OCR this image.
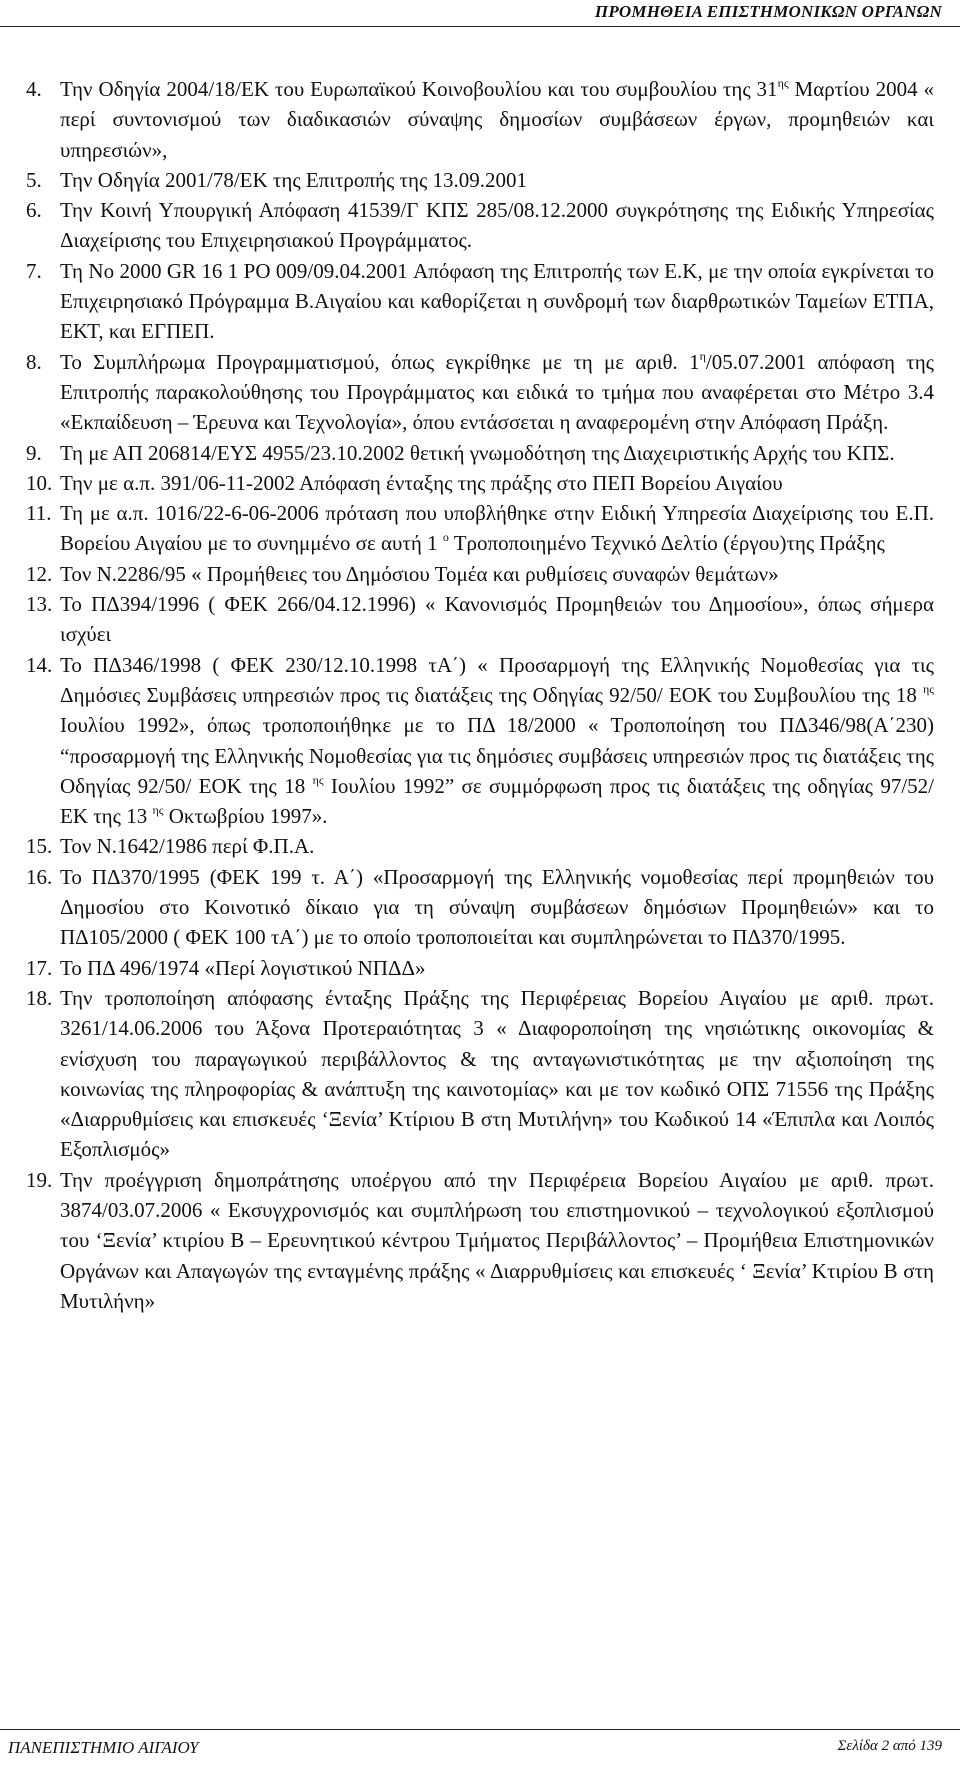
ΠΡΟΜΗΘΕΙΑ ΕΠΙΣΤΗΜΟΝΙΚΩΝ ΟΡΓΑΝΩΝ
4. Την Οδηγία 2004/18/ΕΚ του Ευρωπαϊκού Κοινοβουλίου και του συμβουλίου της $31^{\eta\varsigma}$ Μαρτίου 2004 « περί συντονισμού των διαδικασιών σύναψης δημοσίων συμβάσεων έργων, προμηθειών και υπηρεσιών»,
5. Την Οδηγία 2001/78/ΕΚ της Επιτροπής της 13.09.2001
6. Την Κοινή Υπουργική Απόφαση 41539/Γ ΚΠΣ 285/08.12.2000 συγκρότησης της Ειδικής Υπηρεσίας Διαχείρισης του Επιχειρησιακού Προγράμματος.
7. Τη Νο 2000 GR 16 1 PO 009/09.04.2001 Απόφαση της Επιτροπής των Ε.Κ, με την οποία εγκρίνεται το Επιχειρησιακό Πρόγραμμα Β.Αιγαίου και καθορίζεται η συνδρομή των διαρθρωτικών Ταμείων ΕΤΠΑ, ΕΚΤ, και ΕΓΠΕΠ.
8. Το Συμπλήρωμα Προγραμματισμού, όπως εγκρίθηκε με τη με αριθ. $1^\eta/05.07.2001$ απόφαση της Επιτροπής παρακολούθησης του Προγράμματος και ειδικά το τμήμα που αναφέρεται στο Μέτρο 3.4 «Εκπαίδευση – Έρευνα και Τεχνολογία», όπου εντάσσεται η αναφερομένη στην Απόφαση Πράξη.
9. Τη με ΑΠ 206814/ΕΥΣ 4955/23.10.2002 θετική γνωμοδότηση της Διαχειριστικής Αρχής του ΚΠΣ.
10. Την με α.π. 391/06-11-2002 Απόφαση ένταξης της πράξης στο ΠΕΠ Βορείου Αιγαίου
11. Τη με α.π. 1016/22-6-06-2006 πρόταση που υποβλήθηκε στην Ειδική Υπηρεσία Διαχείρισης του Ε.Π. Βορείου Αιγαίου με το συνημμένο σε αυτή 1 $^o$ Τροποποιημένο Τεχνικό Δελτίο (έργου)της Πράξης
12. Τον Ν.2286/95 « Προμήθειες του Δημόσιου Τομέα και ρυθμίσεις συναφών θεμάτων»
13. Το ΠΔ394/1996 ( ΦΕΚ 266/04.12.1996) « Κανονισμός Προμηθειών του Δημοσίου», όπως σήμερα ισχύει
14. Το ΠΔ346/1998 ( ΦΕΚ 230/12.10.1998 τΑ΄) « Προσαρμογή της Ελληνικής Νομοθεσίας για τις Δημόσιες Συμβάσεις υπηρεσιών προς τις διατάξεις της Οδηγίας 92/50/ ΕΟΚ του Συμβουλίου της 18 $^{\eta\varsigma}$ Ιουλίου 1992», όπως τροποποιήθηκε με το ΠΔ 18/2000 « Τροποποίηση του ΠΔ346/98(Α΄230) “προσαρμογή της Ελληνικής Νομοθεσίας για τις δημόσιες συμβάσεις υπηρεσιών προς τις διατάξεις της Οδηγίας 92/50/ ΕΟΚ της 18 $^{\eta\varsigma}$ Ιουλίου 1992” σε συμμόρφωση προς τις διατάξεις της οδηγίας 97/52/ ΕΚ της 13 $^{\eta\varsigma}$ Οκτωβρίου 1997».
15. Τον Ν.1642/1986 περί Φ.Π.Α.
16. Το ΠΔ370/1995 (ΦΕΚ 199 τ. Α΄) «Προσαρμογή της Ελληνικής νομοθεσίας περί προμηθειών του Δημοσίου στο Κοινοτικό δίκαιο για τη σύναψη συμβάσεων δημόσιων Προμηθειών» και το ΠΔ105/2000 ( ΦΕΚ 100 τΑ΄) με το οποίο τροποποιείται και συμπληρώνεται το ΠΔ370/1995.
17. Το ΠΔ 496/1974 «Περί λογιστικού ΝΠΔΔ»
18. Την τροποποίηση απόφασης ένταξης Πράξης της Περιφέρειας Βορείου Αιγαίου με αριθ. πρωτ. 3261/14.06.2006 του Άξονα Προτεραιότητας 3 « Διαφοροποίηση της νησιώτικης οικονομίας & ενίσχυση του παραγωγικού περιβάλλοντος & της ανταγωνιστικότητας με την αξιοποίηση της κοινωνίας της πληροφορίας & ανάπτυξη της καινοτομίας» και με τον κωδικό ΟΠΣ 71556 της Πράξης «Διαρρυθμίσεις και επισκευές ‘Ξενία’ Κτίριου Β στη Μυτιλήνη» του Κωδικού 14 «Έπιπλα και Λοιπός Εξοπλισμός»
19. Την προέγγριση δημοπράτησης υποέργου από την Περιφέρεια Βορείου Αιγαίου με αριθ. πρωτ. 3874/03.07.2006 « Εκσυγχρονισμός και συμπλήρωση του επιστημονικού – τεχνολογικού εξοπλισμού του ‘Ξενία’ κτιρίου Β – Ερευνητικού κέντρου Τμήματος Περιβάλλοντος’ – Προμήθεια Επιστημονικών Οργάνων και Απαγωγών της ενταγμένης πράξης « Διαρρυθμίσεις και επισκευές ‘ Ξενία’ Κτιρίου Β στη Μυτιλήνη»
ΠΑΝΕΠΙΣΤΗΜΙΟ ΑΙΓΑΙΟΥ	Σελίδα 2 από 139
